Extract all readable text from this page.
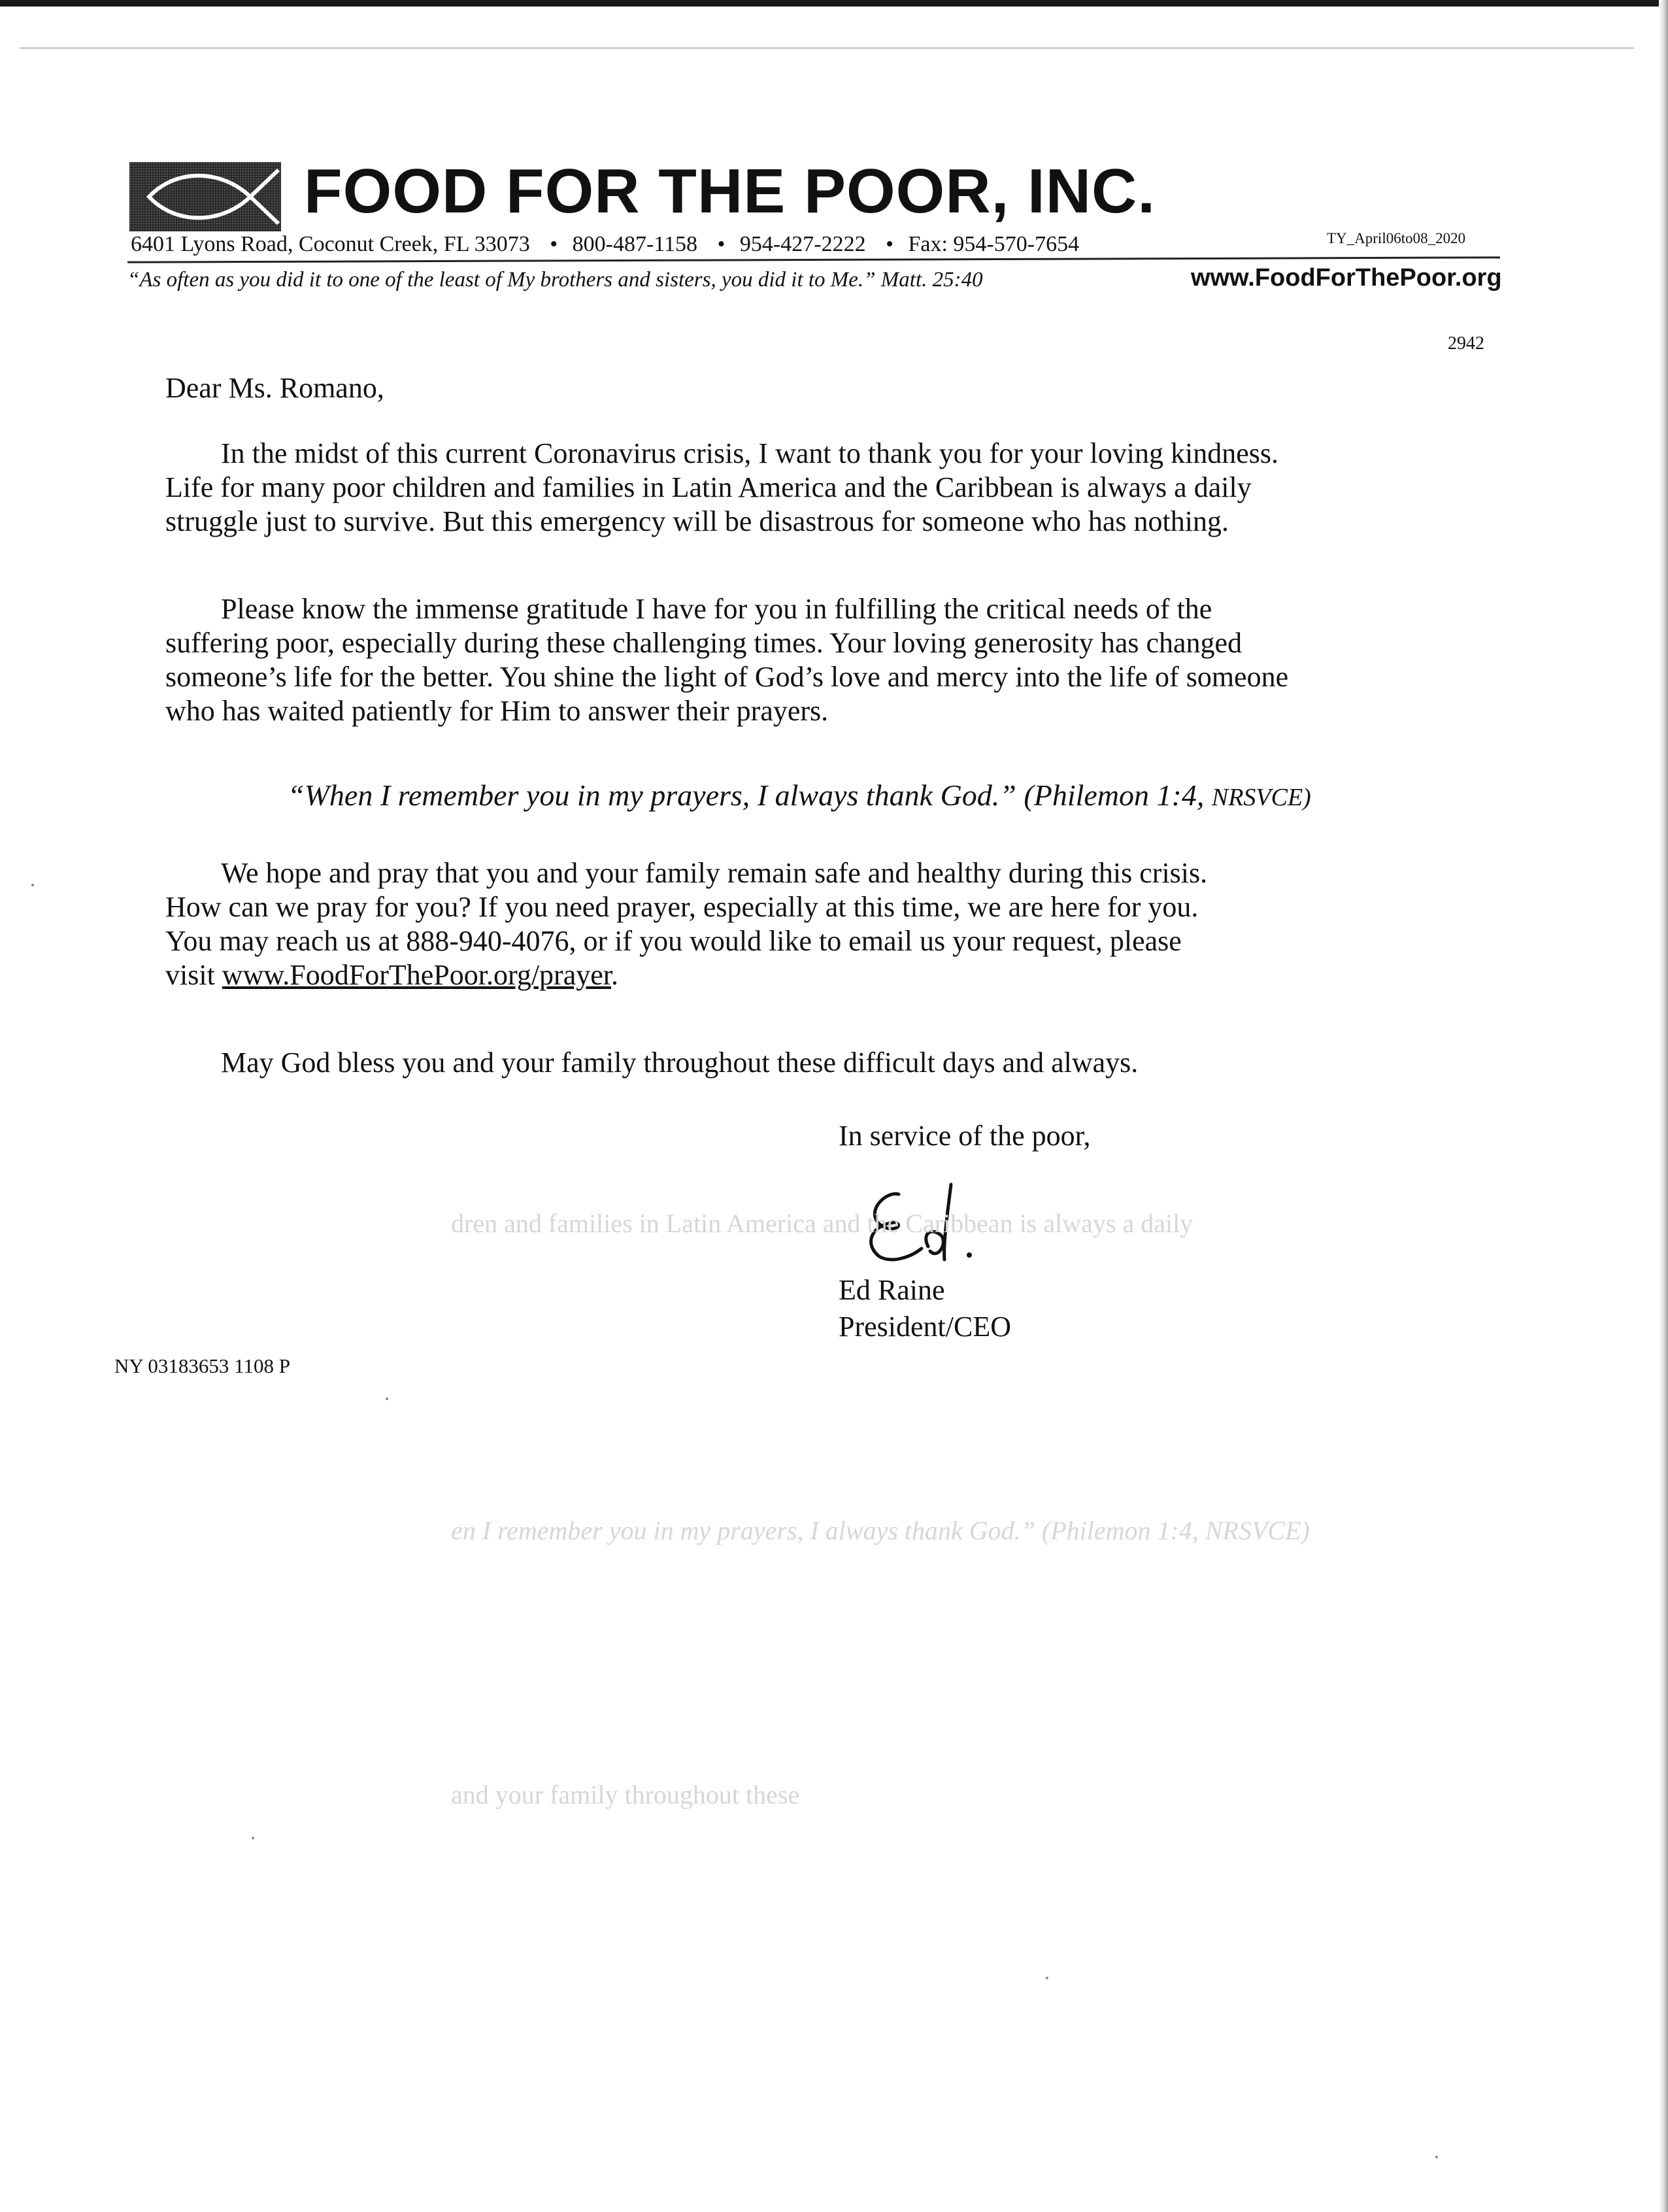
FOOD FOR THE POOR, INC.
6401 Lyons Road, Coconut Creek, FL 33073 • 800-487-1158 • 954-427-2222 • Fax: 954-570-7654	TY_April06to08_2020
“As often as you did it to one of the least of My brothers and sisters, you did it to Me.” Matt. 25:40	www.FoodForThePoor.org
2942
Dear Ms. Romano,
In the midst of this current Coronavirus crisis, I want to thank you for your loving kindness.
Life for many poor children and families in Latin America and the Caribbean is always a daily
struggle just to survive. But this emergency will be disastrous for someone who has nothing.
Please know the immense gratitude I have for you in fulfilling the critical needs of the
suffering poor, especially during these challenging times. Your loving generosity has changed
someone’s life for the better. You shine the light of God’s love and mercy into the life of someone
who has waited patiently for Him to answer their prayers.
“When I remember you in my prayers, I always thank God.” (Philemon 1:4, NRSVCE)
We hope and pray that you and your family remain safe and healthy during this crisis.
How can we pray for you? If you need prayer, especially at this time, we are here for you.
You may reach us at 888-940-4076, or if you would like to email us your request, please
visit www.FoodForThePoor.org/prayer.
May God bless you and your family throughout these difficult days and always.
In service of the poor,
Ed Raine
President/CEO
NY 03183653 1108 P
dren and families in Latin America and the Caribbean is always a daily
en I remember you in my prayers, I always thank God.” (Philemon 1:4, NRSVCE)
and your family throughout these
